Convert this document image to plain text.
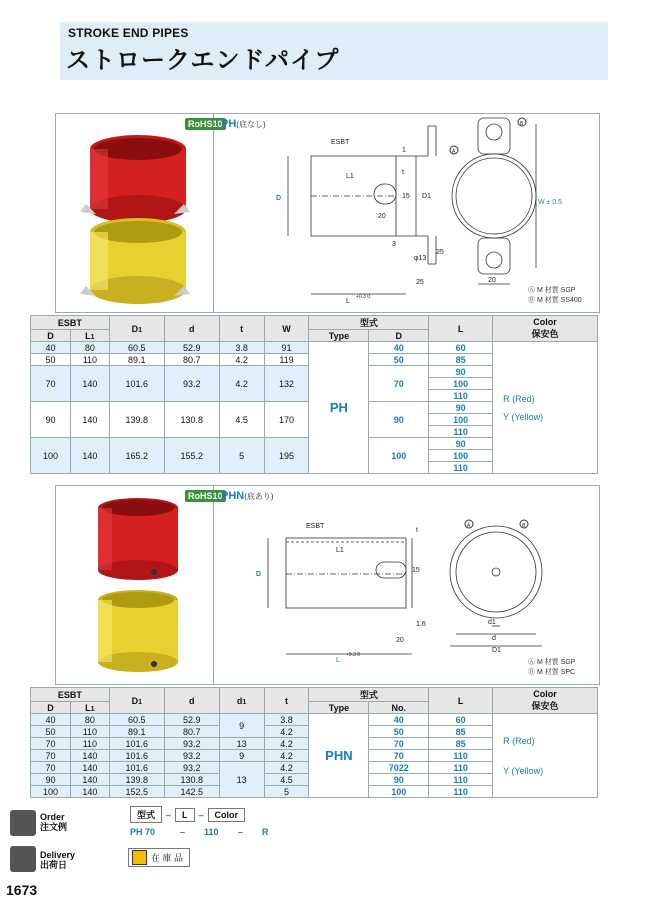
STROKE END PIPES
ストロークエンドパイプ
RoHS10
PH(底なし)
ESBT
L1
L
+0.3 0
D	D1
W ± 0.5
20
15
1
t
3
φ13
25
25	20
A
B
Ⓐ M 材質 SGP
Ⓑ M 材質 SS400
ESBT		D1	d	t	W	型式		L	Color
保安色
D	L1					Type	D		
40	80	60.5	52.9	3.8	91	PH	40	60	R (Red)
Y (Yellow)

50	110	89.1	80.7	4.2	119		50	85	
70	140	101.6	93.2	4.2	132		70	90	
								100	
								110	
90	140	139.8	130.8	4.5	170		90	90	
								100	
								110	
100	140	165.2	155.2	5	195		100	90	
								100	
								110	
RoHS10
PHN(底あり)
ESBT
L1
L
+0.3 0
D
D1
d
d1
15
1.6
20
t
A	B
Ⓐ M 材質 SGP
Ⓑ M 材質 SPC
ESBT		D1	d	d1	t	型式		L	Color
保安色
D	L1					Type	No.		
40	80	60.5	52.9	9	3.8	PHN	40	60	R (Red)
Y (Yellow)

50	110	89.1	80.7		4.2		50	85	
70	110	101.6	93.2	13	4.2		70	85	
70	140	101.6	93.2	9	4.2		70	110	
70	140	101.6	93.2	13	4.2		7022	110	
90	140	139.8	130.8		4.5		90	110	
100	140	152.5	142.5		5		100	110	
Order
注文例
型式	–	L	–	Color
PH 70	–	110	–	R
Delivery
出荷日
在 庫 品
1673
